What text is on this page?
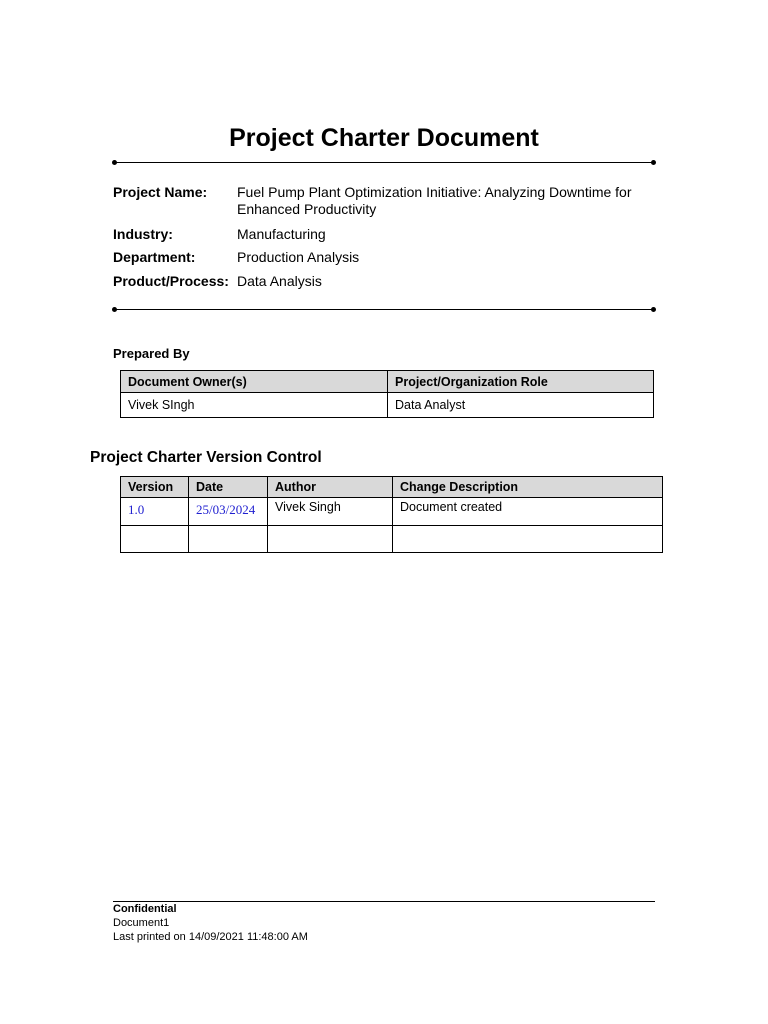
Project Charter Document
Project Name: Fuel Pump Plant Optimization Initiative: Analyzing Downtime for Enhanced Productivity
Industry:	Manufacturing
Department:	Production Analysis
Product/Process: Data Analysis
Prepared By
Document Owner(s)	Project/Organization Role
Vivek SIngh	Data Analyst
Project Charter Version Control
Version	Date	Author	Change Description
1.0	25/03/2024	Vivek Singh	Document created

Confidential
Document1
Last printed on 14/09/2021 11:48:00 AM
